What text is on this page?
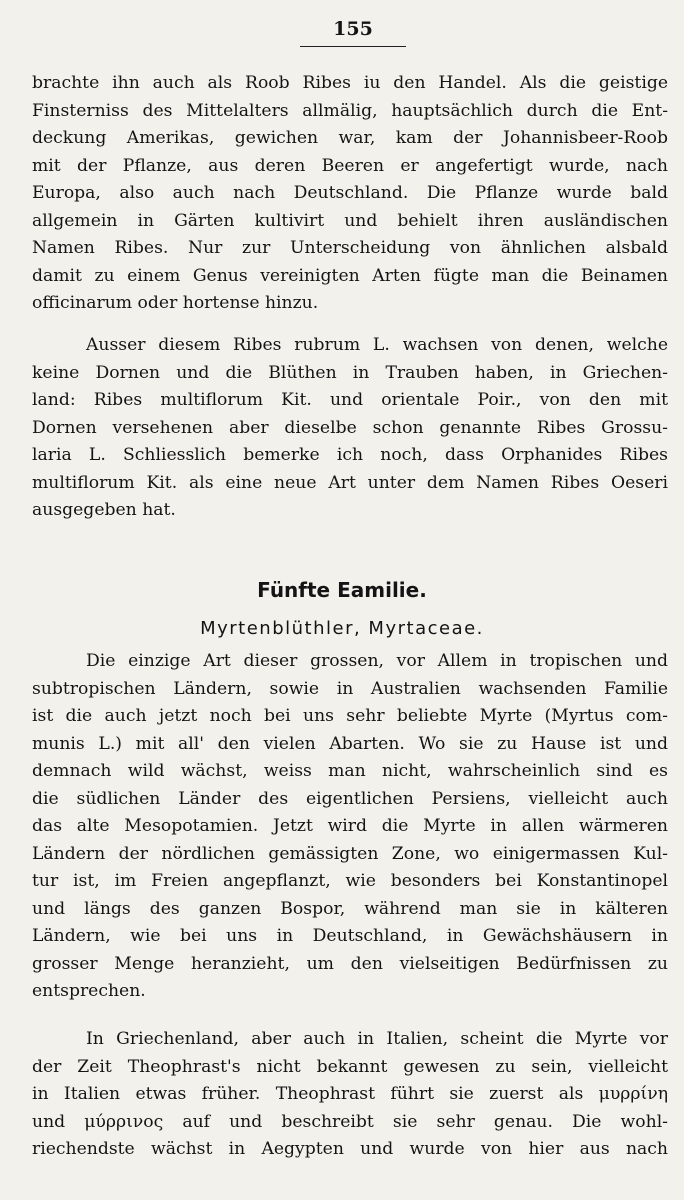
155
brachte ihn auch als Roob Ribes iu den Handel. Als die geistige
Finsterniss des Mittelalters allmälig, hauptsächlich durch die Ent-
deckung Amerikas, gewichen war, kam der Johannisbeer-Roob
mit der Pflanze, aus deren Beeren er angefertigt wurde, nach
Europa, also auch nach Deutschland. Die Pflanze wurde bald
allgemein in Gärten kultivirt und behielt ihren ausländischen
Namen Ribes. Nur zur Unterscheidung von ähnlichen alsbald
damit zu einem Genus vereinigten Arten fügte man die Beinamen
officinarum oder hortense hinzu.
Ausser diesem Ribes rubrum L. wachsen von denen, welche
keine Dornen und die Blüthen in Trauben haben, in Griechen-
land: Ribes multiflorum Kit. und orientale Poir., von den mit
Dornen versehenen aber dieselbe schon genannte Ribes Grossu-
laria L. Schliesslich bemerke ich noch, dass Orphanides Ribes
multiflorum Kit. als eine neue Art unter dem Namen Ribes Oeseri
ausgegeben hat.
Fünfte Eamilie.
Myrtenblüthler, Myrtaceae.
Die einzige Art dieser grossen, vor Allem in tropischen und
subtropischen Ländern, sowie in Australien wachsenden Familie
ist die auch jetzt noch bei uns sehr beliebte Myrte (Myrtus com-
munis L.) mit all' den vielen Abarten. Wo sie zu Hause ist und
demnach wild wächst, weiss man nicht, wahrscheinlich sind es
die südlichen Länder des eigentlichen Persiens, vielleicht auch
das alte Mesopotamien. Jetzt wird die Myrte in allen wärmeren
Ländern der nördlichen gemässigten Zone, wo einigermassen Kul-
tur ist, im Freien angepflanzt, wie besonders bei Konstantinopel
und längs des ganzen Bospor, während man sie in kälteren
Ländern, wie bei uns in Deutschland, in Gewächshäusern in
grosser Menge heranzieht, um den vielseitigen Bedürfnissen zu
entsprechen.
In Griechenland, aber auch in Italien, scheint die Myrte vor
der Zeit Theophrast's nicht bekannt gewesen zu sein, vielleicht
in Italien etwas früher. Theophrast führt sie zuerst als μυρρίνη
und μύρρινος auf und beschreibt sie sehr genau. Die wohl-
riechendste wächst in Aegypten und wurde von hier aus nach
